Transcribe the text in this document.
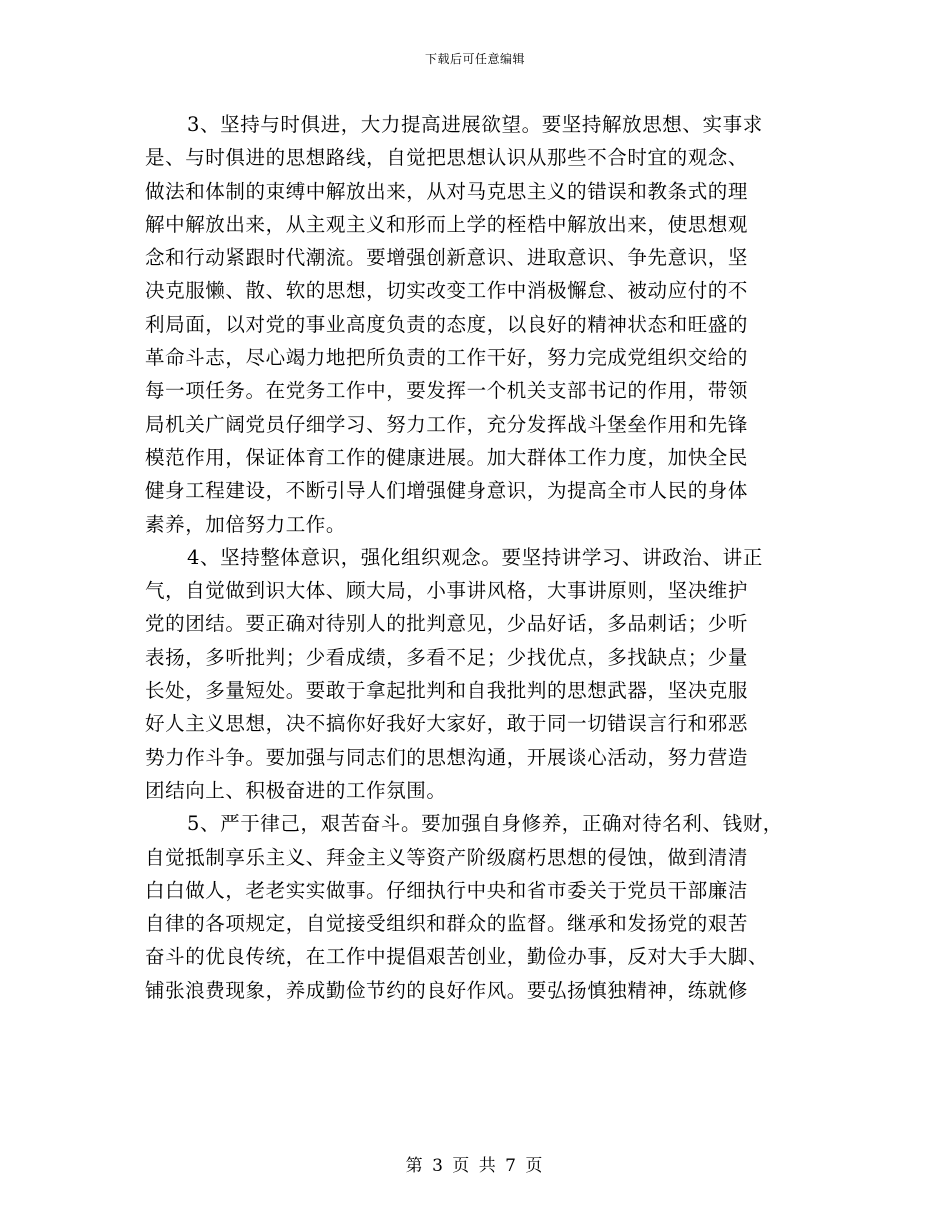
下载后可任意编辑
3、坚持与时俱进，大力提高进展欲望。要坚持解放思想、实事求
是、与时俱进的思想路线，自觉把思想认识从那些不合时宜的观念、
做法和体制的束缚中解放出来，从对马克思主义的错误和教条式的理
解中解放出来，从主观主义和形而上学的桎梏中解放出来，使思想观
念和行动紧跟时代潮流。要增强创新意识、进取意识、争先意识，坚
决克服懒、散、软的思想，切实改变工作中消极懈怠、被动应付的不
利局面，以对党的事业高度负责的态度，以良好的精神状态和旺盛的
革命斗志，尽心竭力地把所负责的工作干好，努力完成党组织交给的
每一项任务。在党务工作中，要发挥一个机关支部书记的作用，带领
局机关广阔党员仔细学习、努力工作，充分发挥战斗堡垒作用和先锋
模范作用，保证体育工作的健康进展。加大群体工作力度，加快全民
健身工程建设，不断引导人们增强健身意识，为提高全市人民的身体
素养，加倍努力工作。
4、坚持整体意识，强化组织观念。要坚持讲学习、讲政治、讲正
气，自觉做到识大体、顾大局，小事讲风格，大事讲原则，坚决维护
党的团结。要正确对待别人的批判意见，少品好话，多品刺话；少听
表扬，多听批判；少看成绩，多看不足；少找优点，多找缺点；少量
长处，多量短处。要敢于拿起批判和自我批判的思想武器，坚决克服
好人主义思想，决不搞你好我好大家好，敢于同一切错误言行和邪恶
势力作斗争。要加强与同志们的思想沟通，开展谈心活动，努力营造
团结向上、积极奋进的工作氛围。
5、严于律己，艰苦奋斗。要加强自身修养，正确对待名利、钱财，
自觉抵制享乐主义、拜金主义等资产阶级腐朽思想的侵蚀，做到清清
白白做人，老老实实做事。仔细执行中央和省市委关于党员干部廉洁
自律的各项规定，自觉接受组织和群众的监督。继承和发扬党的艰苦
奋斗的优良传统，在工作中提倡艰苦创业，勤俭办事，反对大手大脚、
铺张浪费现象，养成勤俭节约的良好作风。要弘扬慎独精神，练就修
第 3 页 共 7 页
